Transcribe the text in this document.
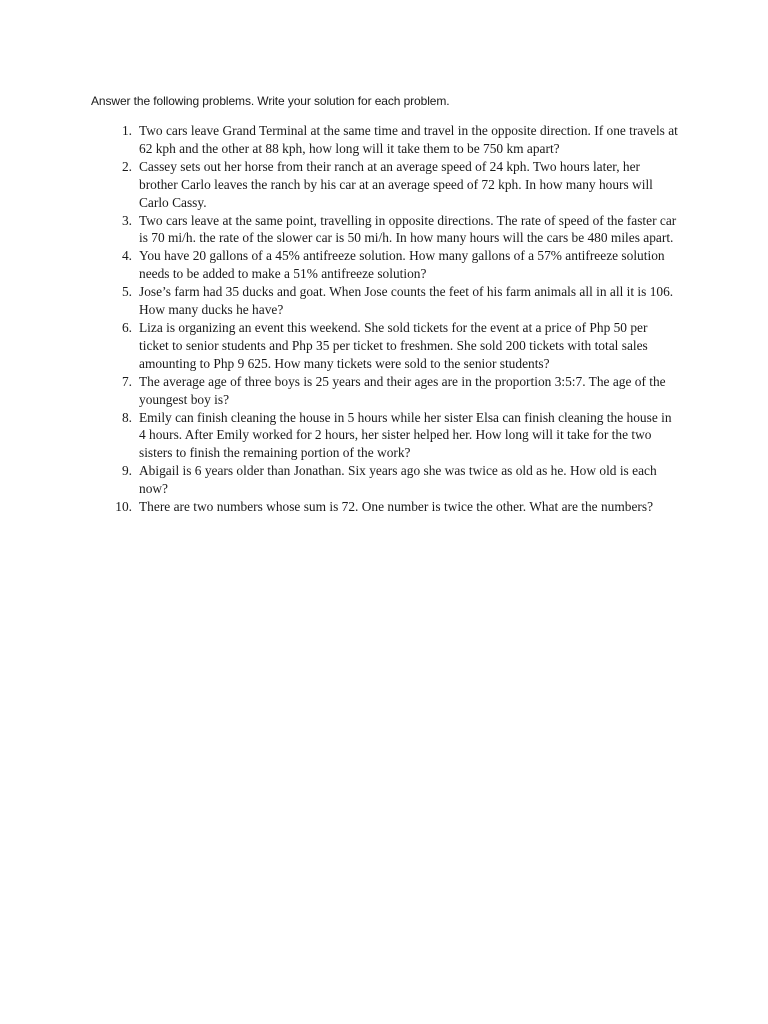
Answer the following problems. Write your solution for each problem.
1. Two cars leave Grand Terminal at the same time and travel in the opposite direction. If one travels at 62 kph and the other at 88 kph, how long will it take them to be 750 km apart?
2. Cassey sets out her horse from their ranch at an average speed of 24 kph. Two hours later, her brother Carlo leaves the ranch by his car at an average speed of 72 kph. In how many hours will Carlo Cassy.
3. Two cars leave at the same point, travelling in opposite directions. The rate of speed of the faster car is 70 mi/h. the rate of the slower car is 50 mi/h. In how many hours will the cars be 480 miles apart.
4. You have 20 gallons of a 45% antifreeze solution. How many gallons of a 57% antifreeze solution needs to be added to make a 51% antifreeze solution?
5. Jose’s farm had 35 ducks and goat. When Jose counts the feet of his farm animals all in all it is 106. How many ducks he have?
6. Liza is organizing an event this weekend. She sold tickets for the event at a price of Php 50 per ticket to senior students and Php 35 per ticket to freshmen. She sold 200 tickets with total sales amounting to Php 9 625. How many tickets were sold to the senior students?
7. The average age of three boys is 25 years and their ages are in the proportion 3:5:7. The age of the youngest boy is?
8. Emily can finish cleaning the house in 5 hours while her sister Elsa can finish cleaning the house in 4 hours. After Emily worked for 2 hours, her sister helped her. How long will it take for the two sisters to finish the remaining portion of the work?
9. Abigail is 6 years older than Jonathan. Six years ago she was twice as old as he. How old is each now?
10. There are two numbers whose sum is 72. One number is twice the other. What are the numbers?
